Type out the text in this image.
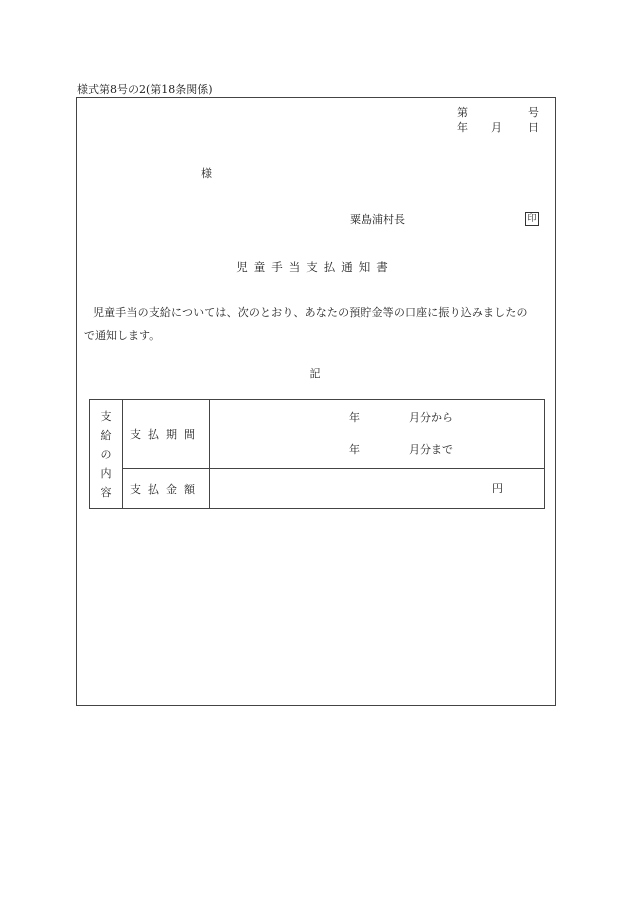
様式第8号の2(第18条関係)
第	号
年 月 日
様
粟島浦村長	印
児童手当支払通知書
児童手当の支給については、次のとおり、あなたの預貯金等の口座に振り込みましたの
で通知します。
記
支給の内容	支払期間	年 月分から
年 月分まで

	支払金額	円
